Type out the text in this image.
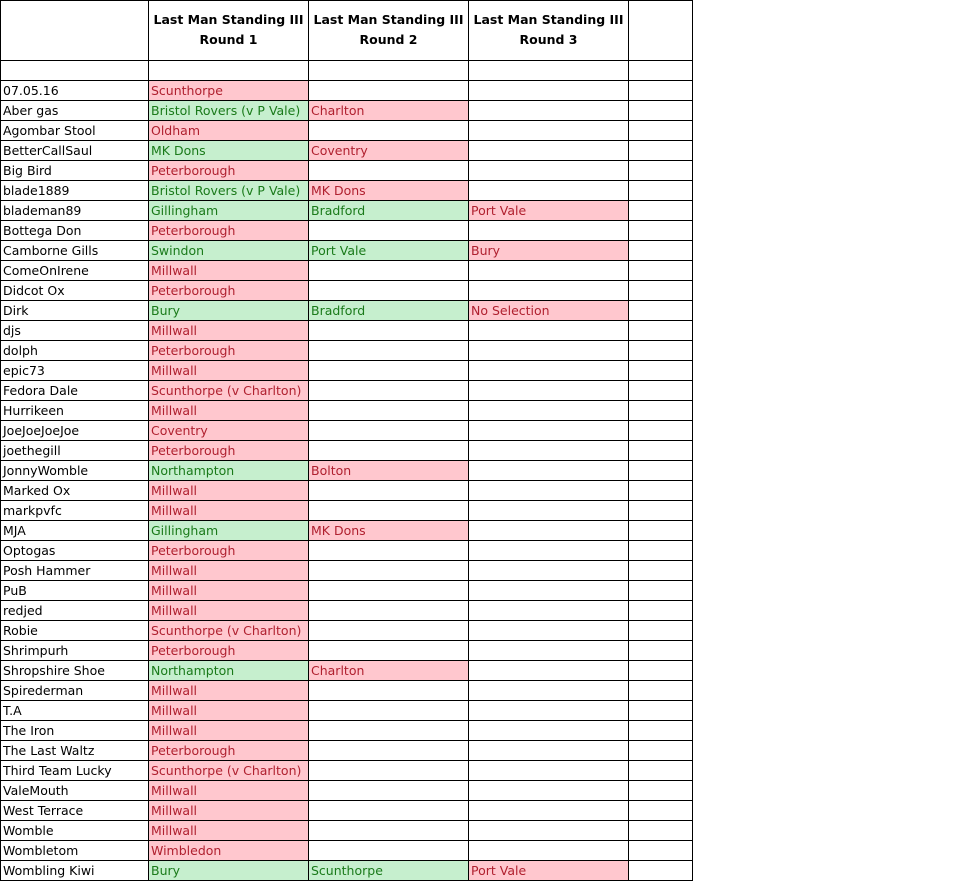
	Last Man Standing III Round 1	Last Man Standing III Round 2	Last Man Standing III Round 3	

07.05.16	Scunthorpe			
Aber gas	Bristol Rovers (v P Vale)	Charlton		
Agombar Stool	Oldham			
BetterCallSaul	MK Dons	Coventry		
Big Bird	Peterborough			
blade1889	Bristol Rovers (v P Vale)	MK Dons		
blademan89	Gillingham	Bradford	Port Vale	
Bottega Don	Peterborough			
Camborne Gills	Swindon	Port Vale	Bury	
ComeOnIrene	Millwall			
Didcot Ox	Peterborough			
Dirk	Bury	Bradford	No Selection	
djs	Millwall			
dolph	Peterborough			
epic73	Millwall			
Fedora Dale	Scunthorpe (v Charlton)			
Hurrikeen	Millwall			
JoeJoeJoeJoe	Coventry			
joethegill	Peterborough			
JonnyWomble	Northampton	Bolton		
Marked Ox	Millwall			
markpvfc	Millwall			
MJA	Gillingham	MK Dons		
Optogas	Peterborough			
Posh Hammer	Millwall			
PuB	Millwall			
redjed	Millwall			
Robie	Scunthorpe (v Charlton)			
Shrimpurh	Peterborough			
Shropshire Shoe	Northampton	Charlton		
Spirederman	Millwall			
T.A	Millwall			
The Iron	Millwall			
The Last Waltz	Peterborough			
Third Team Lucky	Scunthorpe (v Charlton)			
ValeMouth	Millwall			
West Terrace	Millwall			
Womble	Millwall			
Wombletom	Wimbledon			
Wombling Kiwi	Bury	Scunthorpe	Port Vale	
